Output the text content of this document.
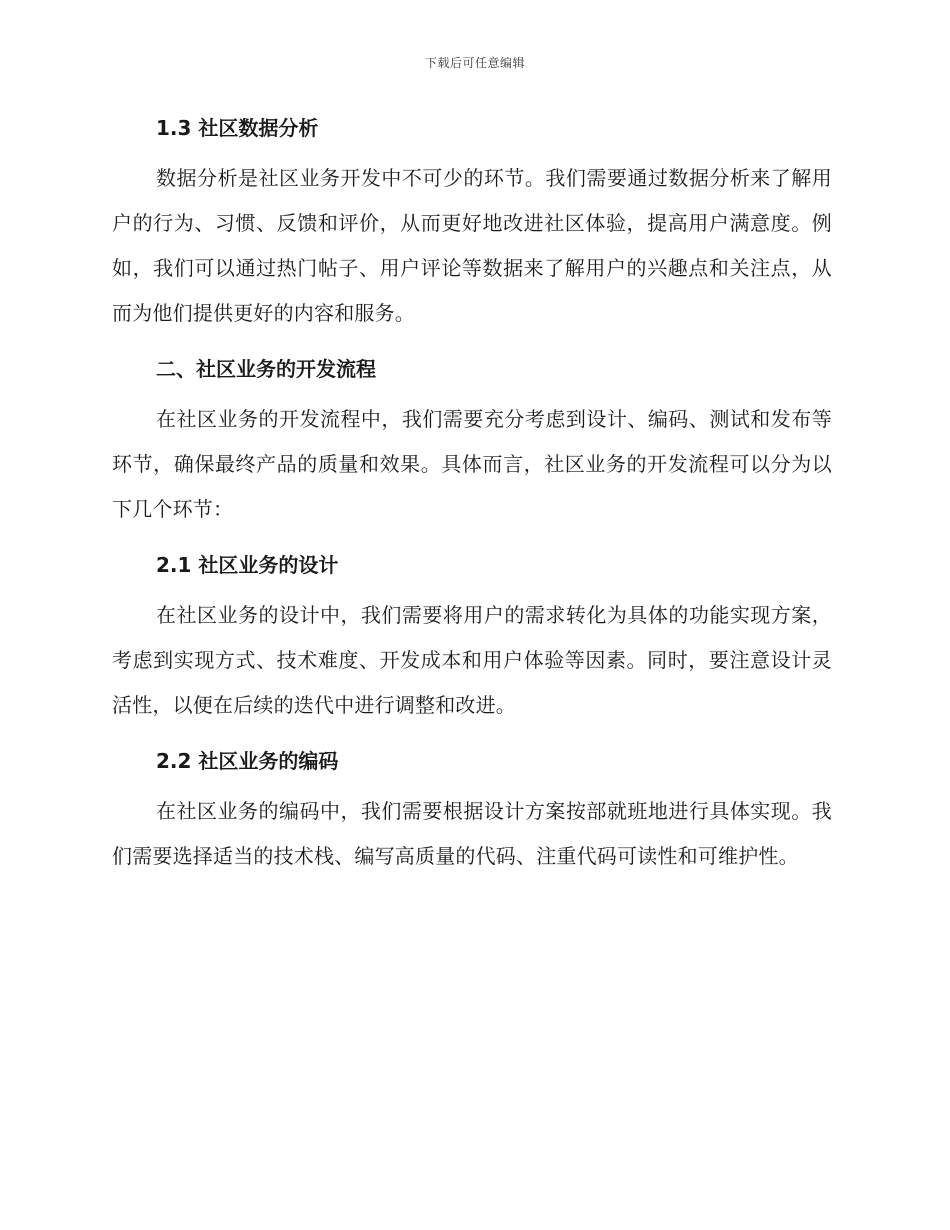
下载后可任意编辑
1.3 社区数据分析

数据分析是社区业务开发中不可少的环节。我们需要通过数据分析来了解用户的行为、习惯、反馈和评价，从而更好地改进社区体验，提高用户满意度。例如，我们可以通过热门帖子、用户评论等数据来了解用户的兴趣点和关注点，从而为他们提供更好的内容和服务。

二、社区业务的开发流程

在社区业务的开发流程中，我们需要充分考虑到设计、编码、测试和发布等环节，确保最终产品的质量和效果。具体而言，社区业务的开发流程可以分为以下几个环节：

2.1 社区业务的设计

在社区业务的设计中，我们需要将用户的需求转化为具体的功能实现方案，考虑到实现方式、技术难度、开发成本和用户体验等因素。同时，要注意设计灵活性，以便在后续的迭代中进行调整和改进。

2.2 社区业务的编码

在社区业务的编码中，我们需要根据设计方案按部就班地进行具体实现。我们需要选择适当的技术栈、编写高质量的代码、注重代码可读性和可维护性。
